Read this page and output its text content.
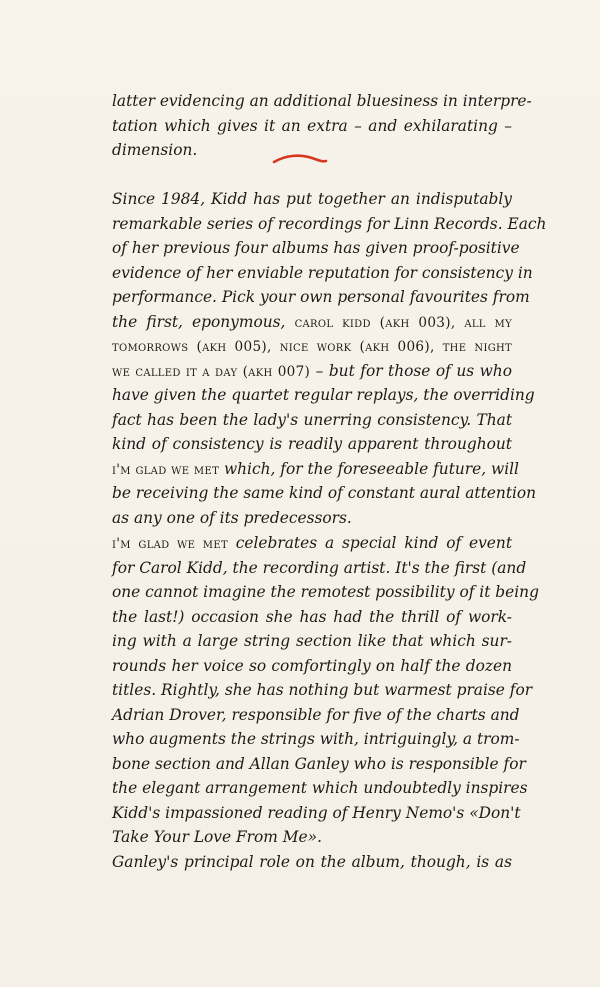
latter evidencing an additional bluesiness in interpre-
tation which gives it an extra – and exhilarating –
dimension.
Since 1984, Kidd has put together an indisputably
remarkable series of recordings for Linn Records. Each
of her previous four albums has given proof-positive
evidence of her enviable reputation for consistency in
performance. Pick your own personal favourites from
the first, eponymous, carol kidd (akh 003), all my
tomorrows (akh 005), nice work (akh 006), the night
we called it a day (akh 007) – but for those of us who
have given the quartet regular replays, the overriding
fact has been the lady's unerring consistency. That
kind of consistency is readily apparent throughout
i'm glad we met which, for the foreseeable future, will
be receiving the same kind of constant aural attention
as any one of its predecessors.
i'm glad we met celebrates a special kind of event
for Carol Kidd, the recording artist. It's the first (and
one cannot imagine the remotest possibility of it being
the last!) occasion she has had the thrill of work-
ing with a large string section like that which sur-
rounds her voice so comfortingly on half the dozen
titles. Rightly, she has nothing but warmest praise for
Adrian Drover, responsible for five of the charts and
who augments the strings with, intriguingly, a trom-
bone section and Allan Ganley who is responsible for
the elegant arrangement which undoubtedly inspires
Kidd's impassioned reading of Henry Nemo's «Don't
Take Your Love From Me».
Ganley's principal role on the album, though, is as
